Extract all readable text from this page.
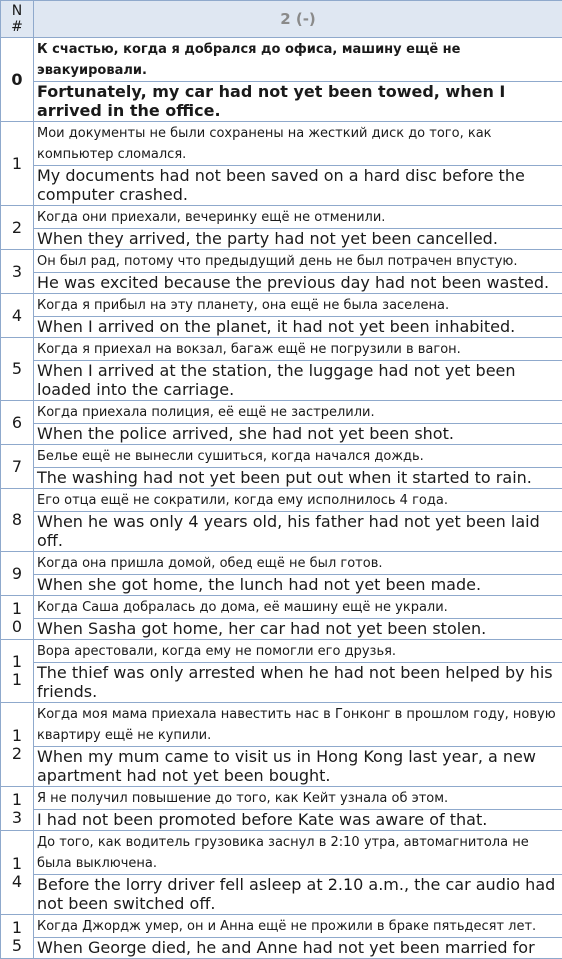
N
#	2 (-)
0	К счастью, когда я добрался до офиса, машину ещё не эвакуировали.
	Fortunately, my car had not yet been towed, when I arrived in the office.
1	Мои документы не были сохранены на жесткий диск до того, как компьютер сломался.
	My documents had not been saved on a hard disc before the computer crashed.
2	Когда они приехали, вечеринку ещё не отменили.
	When they arrived, the party had not yet been cancelled.
3	Он был рад, потому что предыдущий день не был потрачен впустую.
	He was excited because the previous day had not been wasted.
4	Когда я прибыл на эту планету, она ещё не была заселена.
	When I arrived on the planet, it had not yet been inhabited.
5	Когда я приехал на вокзал, багаж ещё не погрузили в вагон.
	When I arrived at the station, the luggage had not yet been loaded into the carriage.
6	Когда приехала полиция, её ещё не застрелили.
	When the police arrived, she had not yet been shot.
7	Белье ещё не вынесли сушиться, когда начался дождь.
	The washing had not yet been put out when it started to rain.
8	Его отца ещё не сократили, когда ему исполнилось 4 года.
	When he was only 4 years old, his father had not yet been laid off.
9	Когда она пришла домой, обед ещё не был готов.
	When she got home, the lunch had not yet been made.
10	Когда Саша добралась до дома, её машину ещё не украли.
	When Sasha got home, her car had not yet been stolen.
11	Вора арестовали, когда ему не помогли его друзья.
	The thief was only arrested when he had not been helped by his friends.
12	Когда моя мама приехала навестить нас в Гонконг в прошлом году, новую квартиру ещё не купили.
	When my mum came to visit us in Hong Kong last year, a new apartment had not yet been bought.
13	Я не получил повышение до того, как Кейт узнала об этом.
	I had not been promoted before Kate was aware of that.
14	До того, как водитель грузовика заснул в 2:10 утра, автомагнитола не была выключена.
	Before the lorry driver fell asleep at 2.10 a.m., the car audio had not been switched off.
15	Когда Джордж умер, он и Анна ещё не прожили в браке пятьдесят лет.
	When George died, he and Anne had not yet been married for
